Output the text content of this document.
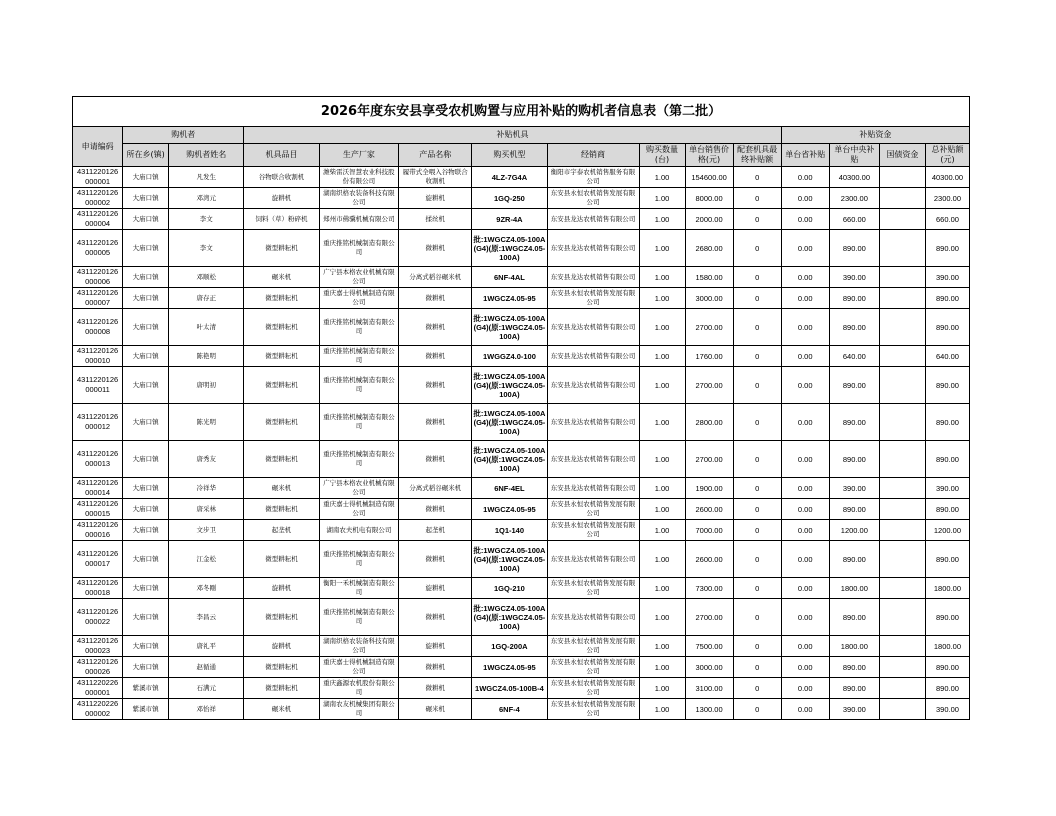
2026年度东安县享受农机购置与应用补贴的购机者信息表（第二批）														
申请编码	购机者		补贴机具								补贴资金			
	所在乡(镇)	购机者姓名	机具品目	生产厂家	产品名称	购买机型	经销商	购买数量(台)	单台销售价格(元)	配套机具最终补贴额	单台省补贴	单台中央补贴	国债资金	总补贴额(元)
4311220126 000001	大庙口镇	凡发生	谷物联合收割机	潍柴雷沃智慧农业科技股份有限公司	履带式全喂入谷物联合收割机	4LZ-7G4A	衡阳市宇泰农机销售服务有限公司	1.00	154600.00	0	0.00	40300.00		40300.00
4311220126 000002	大庙口镇	邓湾元	旋耕机	湖南织格农装备科技有限公司	旋耕机	1GQ-250	东安县永恒农机销售发展有限公司	1.00	8000.00	0	0.00	2300.00		2300.00
4311220126 000004	大庙口镇	李文	饲料（草）粉碎机	郑州市佛骥机械有限公司	揉丝机	9ZR-4A	东安县龙达农机销售有限公司	1.00	2000.00	0	0.00	660.00		660.00
4311220126 000005	大庙口镇	李文	微型耕耘机	重庆推铭机械制造有限公司	微耕机	批:1WGCZ4.05-100A(G4)(原:1WGCZ4.05-100A)	东安县龙达农机销售有限公司	1.00	2680.00	0	0.00	890.00		890.00
4311220126 000006	大庙口镇	邓顺松	碾米机	广宁县本格农业机械有限公司	分离式稻谷碾米机	6NF-4AL	东安县龙达农机销售有限公司	1.00	1580.00	0	0.00	390.00		390.00
4311220126 000007	大庙口镇	唐存正	微型耕耘机	重庆嘉士得机械制造有限公司	微耕机	1WGCZ4.05-95	东安县永恒农机销售发展有限公司	1.00	3000.00	0	0.00	890.00		890.00
4311220126 000008	大庙口镇	叶太清	微型耕耘机	重庆推铭机械制造有限公司	微耕机	批:1WGCZ4.05-100A(G4)(原:1WGCZ4.05-100A)	东安县龙达农机销售有限公司	1.00	2700.00	0	0.00	890.00		890.00
4311220126 000010	大庙口镇	陈艳明	微型耕耘机	重庆推铭机械制造有限公司	微耕机	1WGGZ4.0-100	东安县龙达农机销售有限公司	1.00	1760.00	0	0.00	640.00		640.00
4311220126 000011	大庙口镇	唐明初	微型耕耘机	重庆推铭机械制造有限公司	微耕机	批:1WGCZ4.05-100A(G4)(原:1WGCZ4.05-100A)	东安县龙达农机销售有限公司	1.00	2700.00	0	0.00	890.00		890.00
4311220126 000012	大庙口镇	陈光明	微型耕耘机	重庆推铭机械制造有限公司	微耕机	批:1WGCZ4.05-100A(G4)(原:1WGCZ4.05-100A)	东安县龙达农机销售有限公司	1.00	2800.00	0	0.00	890.00		890.00
4311220126 000013	大庙口镇	唐秀友	微型耕耘机	重庆推铭机械制造有限公司	微耕机	批:1WGCZ4.05-100A(G4)(原:1WGCZ4.05-100A)	东安县龙达农机销售有限公司	1.00	2700.00	0	0.00	890.00		890.00
4311220126 000014	大庙口镇	冷祥华	碾米机	广宁县本格农业机械有限公司	分离式稻谷碾米机	6NF-4EL	东安县龙达农机销售有限公司	1.00	1900.00	0	0.00	390.00		390.00
4311220126 000015	大庙口镇	唐采林	微型耕耘机	重庆嘉士得机械制造有限公司	微耕机	1WGCZ4.05-95	东安县永恒农机销售发展有限公司	1.00	2600.00	0	0.00	890.00		890.00
4311220126 000016	大庙口镇	文步卫	起垄机	湖南农夫机电有限公司	起垄机	1Q1-140	东安县永恒农机销售发展有限公司	1.00	7000.00	0	0.00	1200.00		1200.00
4311220126 000017	大庙口镇	江金松	微型耕耘机	重庆推铭机械制造有限公司	微耕机	批:1WGCZ4.05-100A(G4)(原:1WGCZ4.05-100A)	东安县龙达农机销售有限公司	1.00	2600.00	0	0.00	890.00		890.00
4311220126 000018	大庙口镇	邓冬剛	旋耕机	衡阳一禾机械制造有限公司	旋耕机	1GQ-210	东安县永恒农机销售发展有限公司	1.00	7300.00	0	0.00	1800.00		1800.00
4311220126 000022	大庙口镇	李昌云	微型耕耘机	重庆推铭机械制造有限公司	微耕机	批:1WGCZ4.05-100A(G4)(原:1WGCZ4.05-100A)	东安县龙达农机销售有限公司	1.00	2700.00	0	0.00	890.00		890.00
4311220126 000023	大庙口镇	唐礼平	旋耕机	湖南织格农装备科技有限公司	旋耕机	1GQ-200A	东安县永恒农机销售发展有限公司	1.00	7500.00	0	0.00	1800.00		1800.00
4311220126 000026	大庙口镇	赵循通	微型耕耘机	重庆嘉士得机械制造有限公司	微耕机	1WGCZ4.05-95	东安县永恒农机销售发展有限公司	1.00	3000.00	0	0.00	890.00		890.00
4311220226 000001	紫溪市镇	石满元	微型耕耘机	重庆鑫源农机股份有限公司	微耕机	1WGCZ4.05-100B-4	东安县永恒农机销售发展有限公司	1.00	3100.00	0	0.00	890.00		890.00
4311220226 000002	紫溪市镇	邓怡祥	碾米机	湖南农友机械集团有限公司	碾米机	6NF-4	东安县永恒农机销售发展有限公司	1.00	1300.00	0	0.00	390.00		390.00
